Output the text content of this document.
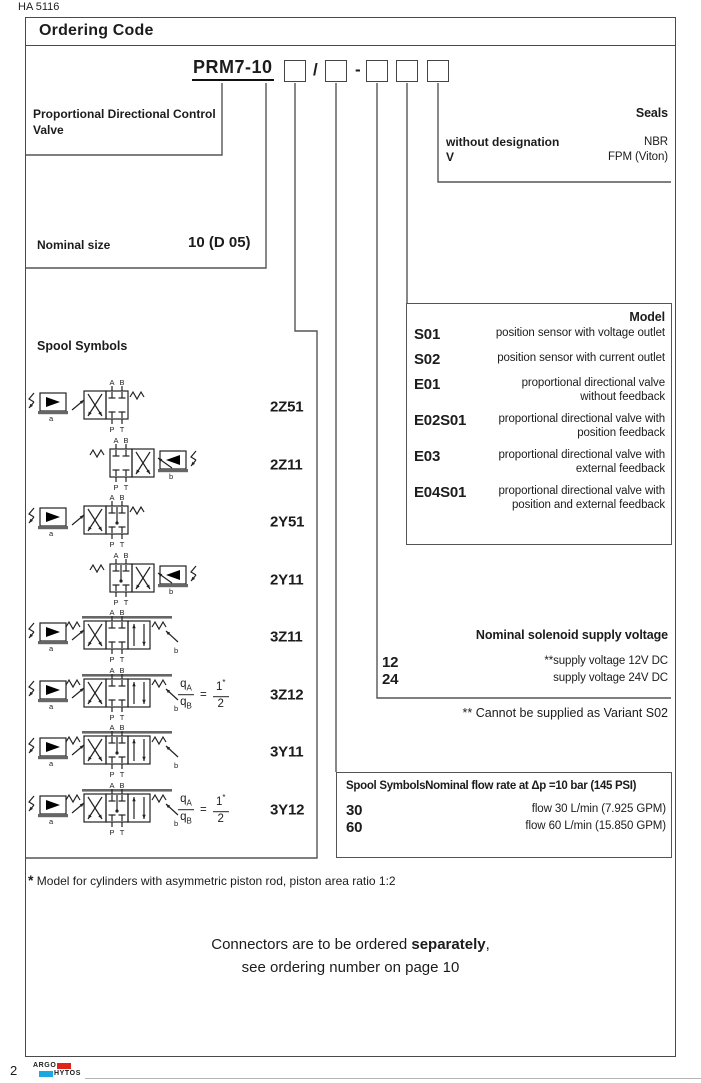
HA 5116
Ordering Code
PRM7-10 / -
Proportional Directional Control Valve
Nominal size	10 (D 05)
Spool Symbols
a
A B
P T
2Z51
A B
P T
b
2Z11
a
A B
P T
2Y51
A B
P T
b
2Y11
a
A B
P T
b
3Z11
a
A B
P T
b $\frac{q_A}{q_B} = \frac{1^*}{2}$	3Z12
a
A B
P T
b
3Y11
a
A B
P T
b $\frac{q_A}{q_B} = \frac{1^*}{2}$	3Y12
Seals
without designation	NBR
V	FPM (Viton)
Model
S01	position sensor with voltage outlet
S02	position sensor with current outlet
E01	proportional directional valve without feedback
E02S01	proportional directional valve with position feedback
E03	proportional directional valve with external feedback
E04S01	proportional directional valve with position and external feedback
Nominal solenoid supply voltage
12	**supply voltage 12V DC
24	supply voltage 24V DC
** Cannot be supplied as Variant S02
Spool SymbolsNominal flow rate at Δp =10 bar (145 PSI)
30	flow 30 L/min (7.925 GPM)
60	flow 60 L/min (15.850 GPM)
* Model for cylinders with asymmetric piston rod, piston area ratio 1:2
Connectors are to be ordered separately,
see ordering number on page 10
2 ARGO
HYTOS
